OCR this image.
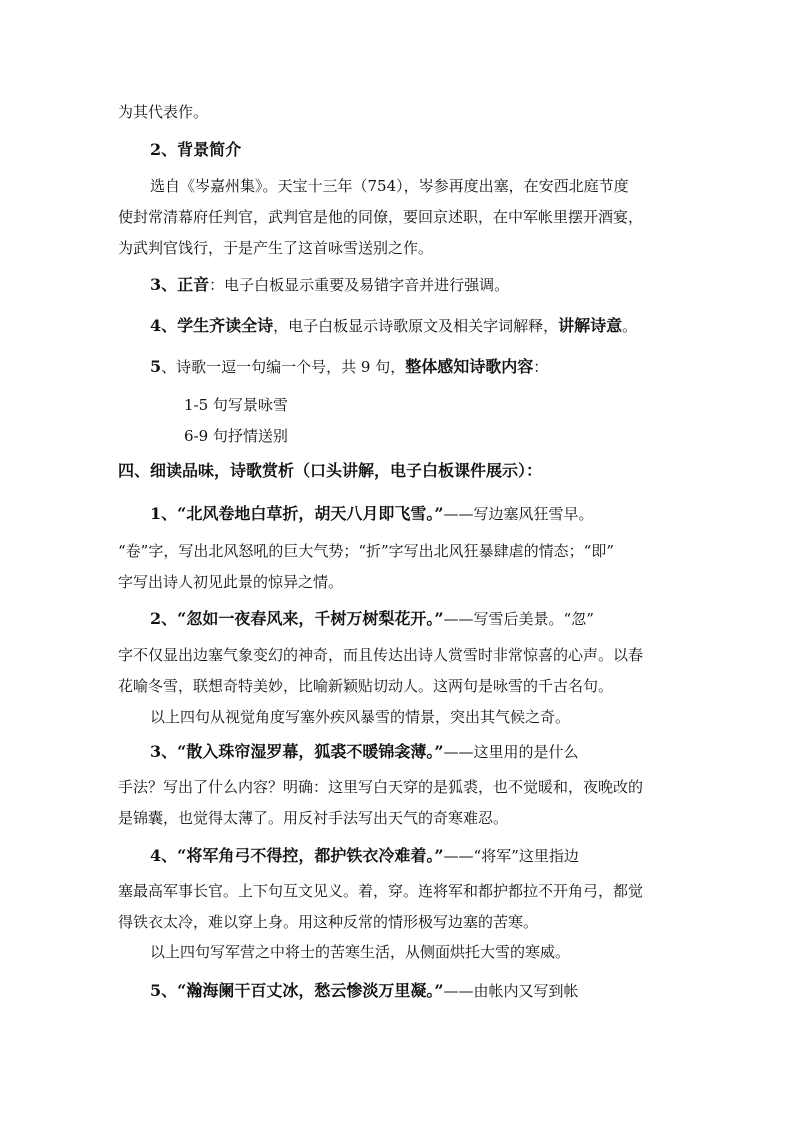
为其代表作。
2、背景简介
选自《岑嘉州集》。天宝十三年（754），岑参再度出塞，在安西北庭节度
使封常清幕府任判官，武判官是他的同僚，要回京述职，在中军帐里摆开酒宴，
为武判官饯行，于是产生了这首咏雪送别之作。
3、正音：电子白板显示重要及易错字音并进行强调。
4、学生齐读全诗，电子白板显示诗歌原文及相关字词解释，讲解诗意。
5、诗歌一逗一句编一个号，共 9 句，整体感知诗歌内容：
1-5 句写景咏雪
6-9 句抒情送别
四、细读品味，诗歌赏析（口头讲解，电子白板课件展示）：
1、“北风卷地白草折，胡天八月即飞雪。”——写边塞风狂雪早。
“卷”字，写出北风怒吼的巨大气势；“折”字写出北风狂暴肆虐的情态；“即”
字写出诗人初见此景的惊异之情。
2、“忽如一夜春风来，千树万树梨花开。”——写雪后美景。“忽”
字不仅显出边塞气象变幻的神奇，而且传达出诗人赏雪时非常惊喜的心声。以春
花喻冬雪，联想奇特美妙，比喻新颖贴切动人。这两句是咏雪的千古名句。
以上四句从视觉角度写塞外疾风暴雪的情景，突出其气候之奇。
3、“散入珠帘湿罗幕，狐裘不暖锦衾薄。”——这里用的是什么
手法？写出了什么内容？明确：这里写白天穿的是狐裘，也不觉暖和，夜晚改的
是锦囊，也觉得太薄了。用反衬手法写出天气的奇寒难忍。
4、“将军角弓不得控，都护铁衣冷难着。”——“将军”这里指边
塞最高军事长官。上下句互文见义。着，穿。连将军和都护都拉不开角弓，都觉
得铁衣太冷，难以穿上身。用这种反常的情形极写边塞的苦寒。
以上四句写军营之中将士的苦寒生活，从侧面烘托大雪的寒威。
5、“瀚海阑干百丈冰，愁云惨淡万里凝。”——由帐内又写到帐
